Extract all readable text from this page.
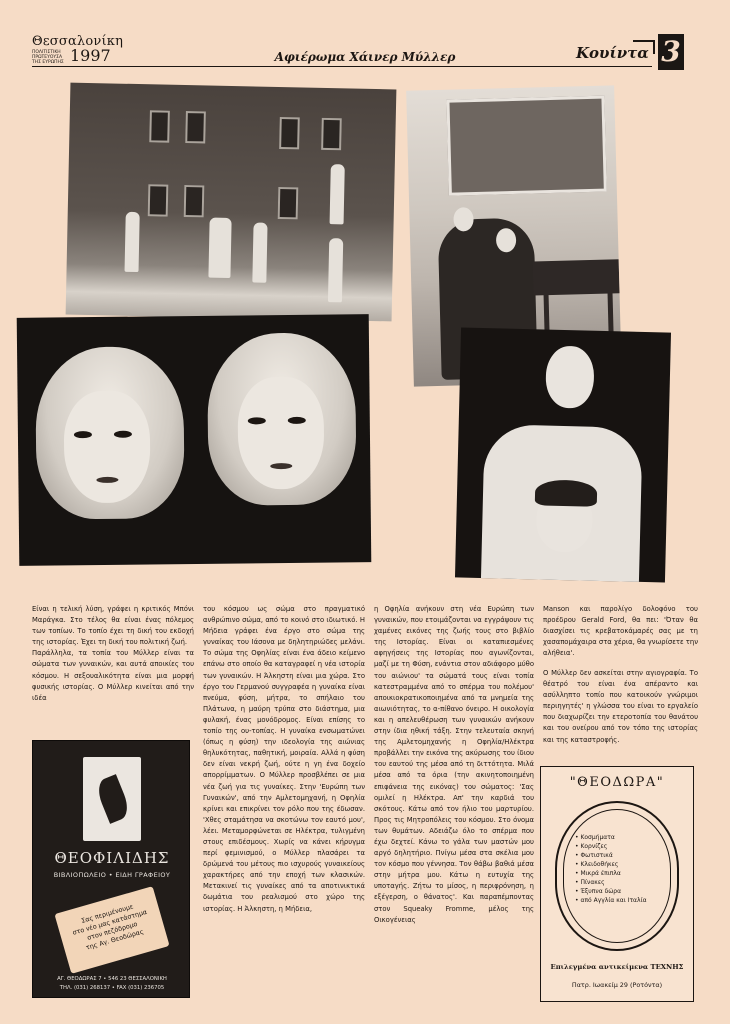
Θεσσαλονίκη
ΠΟΛΙΤΙΣΤΙΚΗ ΠΡΩΤΕΥΟΥΣΑ ΤΗΣ ΕΥΡΩΠΗΣ 1997	Αφιέρωμα Χάινερ Μύλλερ	Κουίντα 3
Είναι η τελική λύση, γράφει η κριτικός Μπόνι Μαράγκα. Στο τέλος θα είναι ένας πόλεμος των τοπίων. Το τοπίο έχει τη δική του εκδοχή της ιστορίας. Έχει τη δική του πολιτική ζωή.
Παράλληλα, τα τοπία του Μύλλερ είναι τα σώματα των γυναικών, και αυτά αποικίες του κόσμου. Η σεξουαλικότητα είναι μια μορφή φυσικής ιστορίας. Ο Μύλλερ κινείται από την ιδέα
του κόσμου ως σώμα στο πραγματικό ανθρώπινο σώμα, από το κοινό στο ιδιωτικό. Η Μήδεια γράφει ένα έργο στο σώμα της γυναίκας του Ιάσονα με δηλητηριώδες μελάνι. Το σώμα της Οφηλίας είναι ένα άδειο κείμενο επάνω στο οποίο θα καταγραφεί η νέα ιστορία των γυναικών. Η Άλκηστη είναι μια χώρα. Στο έργο του Γερμανού συγγραφέα η γυναίκα είναι πνεύμα, φύση, μήτρα, το σπήλαιο του Πλάτωνα, η μαύρη τρύπα στο διάστημα, μια φυλακή, ένας μονόδρομος. Είναι επίσης το τοπίο της ου-τοπίας. Η γυναίκα ενσωματώνει (όπως η φύση) την ιδεολογία της αιώνιας θηλυκότητας, παθητική, μοιραία. Αλλά η φύση δεν είναι νεκρή ζωή, ούτε η γη ένα δοχείο απορρίμματων. Ο Μύλλερ προσβλέπει σε μια νέα ζωή για τις γυναίκες. Στην 'Ευρώπη των Γυναικών', από την Αμλετομηχανή, η Οφηλία κρίνει και επικρίνει τον ρόλο που της έδωσαν. 'Χθες σταμάτησα να σκοτώνω τον εαυτό μου', λέει. Μεταμορφώνεται σε Ηλέκτρα, τυλιγμένη στους επιδέσμους. Χωρίς να κάνει κήρυγμα περί φεμινισμού, ο Μύλλερ πλασάρει τα δρώμενά του μέτους πιο ισχυρούς γυναικείους χαρακτήρες από την εποχή των κλασικών. Μετακινεί τις γυναίκες από τα αποτινικτικά δωμάτια του ρεαλισμού στο χώρο της ιστορίας. Η Άλκηστη, η Μήδεια,
η Οφηλία ανήκουν στη νέα Ευρώπη των γυναικών, που ετοιμάζονται να εγγράψουν τις χαμένες εικόνες της ζωής τους στο βιβλίο της Ιστορίας. Είναι οι καταπιεσμένες αφηγήσεις της Ιστορίας που αγωνίζονται, μαζί με τη Φύση, ενάντια στον αδιάφορο μύθο του αιώνιου' τα σώματά τους είναι τοπία κατεστραμμένα από το σπέρμα του πολέμου' αποικιοκρατικοποιημένα από τα μνημεία της αιωνιότητας, το α-πίθανο όνειρο. Η οικολογία και η απελευθέρωση των γυναικών ανήκουν στην ίδια ηθική τάξη. Στην τελευταία σκηνή της Αμλετομηχανής η Οφηλία/Ηλέκτρα προβάλλει την εικόνα της ακύρωσης του ίδιου του εαυτού της μέσα από τη διττότητα. Μιλά μέσα από τα όρια (την ακινητοποιημένη επιφάνεια της εικόνας) του σώματος: 'Σας ομιλεί η Ηλέκτρα. Απ' την καρδιά του σκότους. Κάτω από τον ήλιο του μαρτυρίου. Προς τις Μητροπόλεις του κόσμου. Στο όνομα των θυμάτων. Αδειάζω όλο το σπέρμα που έχω δεχτεί. Κάνω το γάλα των μαστών μου αργό δηλητήριο. Πνίγω μέσα στα σκέλια μου τον κόσμο που γέννησα. Τον θάβω βαθιά μέσα στην μήτρα μου. Κάτω η ευτυχία της υποταγής. Ζήτω το μίσος, η περιφρόνηση, η εξέγερση, ο θάνατος'. Και παραπέμποντας στον Squeaky Fromme, μέλος της Οικογένειας
Manson και παρολίγο δολοφόνο του προέδρου Gerald Ford, θα πει: 'Όταν θα διασχίσει τις κρεβατοκάμαρές σας με τη χασαπομάχαιρα στα χέρια, θα γνωρίσετε την αλήθεια'.
Ο Μύλλερ δεν ασκείται στην αγιογραφία. Το θέατρό του είναι ένα απέραντο και ασύλληπτο τοπίο που κατοικούν γνώριμοι περιηγητές' η γλώσσα του είναι το εργαλείο που διαχωρίζει την ετεροτοπία του θανάτου και του ονείρου από τον τόπο της ιστορίας και της καταστροφής.
ΘΕΟΦΙΛΙΔΗΣ
ΒΙΒΛΙΟΠΩΛΕΙΟ • ΕΙΔΗ ΓΡΑΦΕΙΟΥ
Σας περιμένουμε
στο νέο μας κατάστημα
στον πεζόδρομο
της Αγ. Θεοδώρας
ΑΓ. ΘΕΟΔΩΡΑΣ 7 • 546 23 ΘΕΣΣΑΛΟΝΙΚΗ
ΤΗΛ. (031) 268137 • FAX (031) 236705
"ΘΕΟΔΩΡΑ"
• Κοσμήματα
• Κορνίζες
• Φωτιστικά
• Κλειδοθήκες
• Μικρά έπιπλα
• Πίνακες
• Έξυπνα δώρα
• από Αγγλία και Ιταλία
Επιλεγμένα αντικείμενα ΤΕΧΝΗΣ
Πατρ. Ιωακείμ 29 (Ροτόντα)
